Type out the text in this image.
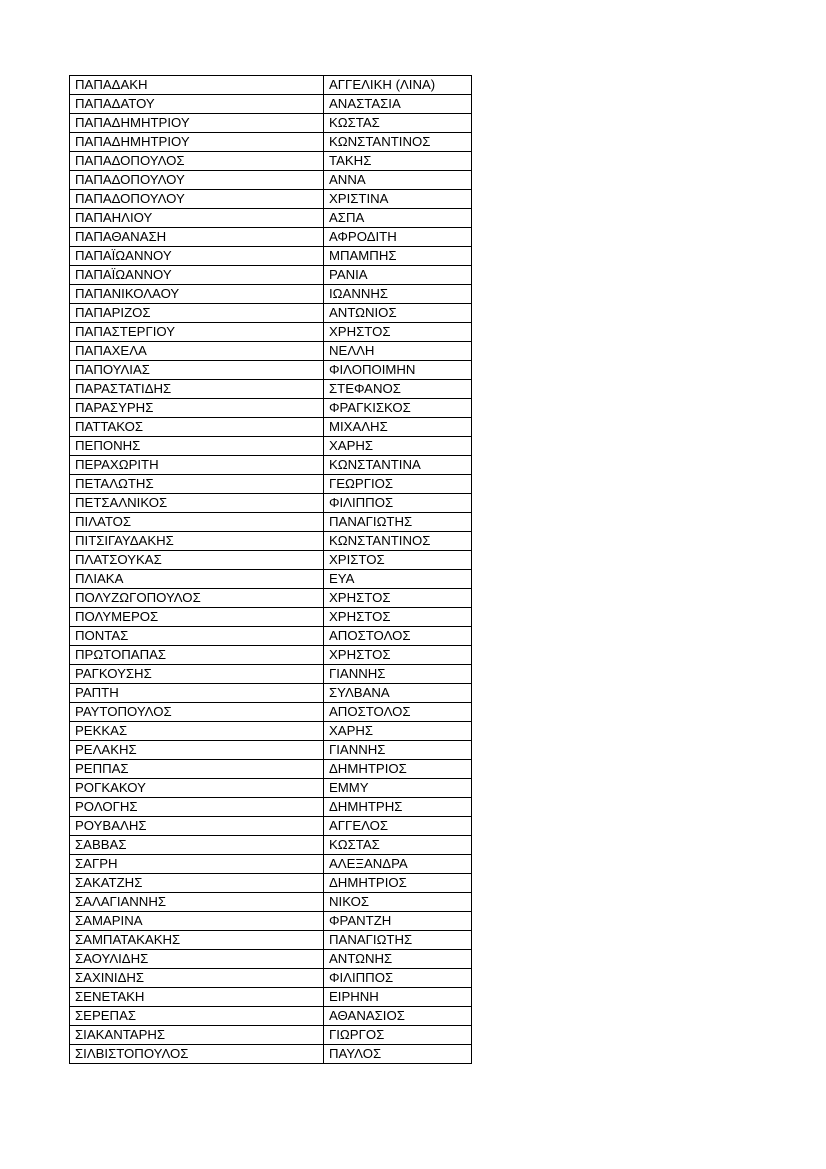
ΠΑΠΑΔΑΚΗ	ΑΓΓΕΛΙΚΗ (ΛΙΝΑ)
ΠΑΠΑΔΑΤΟΥ	ΑΝΑΣΤΑΣΙΑ
ΠΑΠΑΔΗΜΗΤΡΙΟΥ	ΚΩΣΤΑΣ
ΠΑΠΑΔΗΜΗΤΡΙΟΥ	ΚΩΝΣΤΑΝΤΙΝΟΣ
ΠΑΠΑΔΟΠΟΥΛΟΣ	ΤΑΚΗΣ
ΠΑΠΑΔΟΠΟΥΛΟΥ	ΑΝΝΑ
ΠΑΠΑΔΟΠΟΥΛΟΥ	ΧΡΙΣΤΙΝΑ
ΠΑΠΑΗΛΙΟΥ	ΑΣΠΑ
ΠΑΠΑΘΑΝΑΣΗ	ΑΦΡΟΔΙΤΗ
ΠΑΠΑΪΩΑΝΝΟΥ	ΜΠΑΜΠΗΣ
ΠΑΠΑΪΩΑΝΝΟΥ	ΡΑΝΙΑ
ΠΑΠΑΝΙΚΟΛΑΟΥ	ΙΩΑΝΝΗΣ
ΠΑΠΑΡΙΖΟΣ	ΑΝΤΩΝΙΟΣ
ΠΑΠΑΣΤΕΡΓΙΟΥ	ΧΡΗΣΤΟΣ
ΠΑΠΑΧΕΛΑ	ΝΕΛΛΗ
ΠΑΠΟΥΛΙΑΣ	ΦΙΛΟΠΟΙΜΗΝ
ΠΑΡΑΣΤΑΤΙΔΗΣ	ΣΤΕΦΑΝΟΣ
ΠΑΡΑΣΥΡΗΣ	ΦΡΑΓΚΙΣΚΟΣ
ΠΑΤΤΑΚΟΣ	ΜΙΧΑΛΗΣ
ΠΕΠΟΝΗΣ	ΧΑΡΗΣ
ΠΕΡΑΧΩΡΙΤΗ	ΚΩΝΣΤΑΝΤΙΝΑ
ΠΕΤΑΛΩΤΗΣ	ΓΕΩΡΓΙΟΣ
ΠΕΤΣΑΛΝΙΚΟΣ	ΦΙΛΙΠΠΟΣ
ΠΙΛΑΤΟΣ	ΠΑΝΑΓΙΩΤΗΣ
ΠΙΤΣΙΓΑΥΔΑΚΗΣ	ΚΩΝΣΤΑΝΤΙΝΟΣ
ΠΛΑΤΣΟΥΚΑΣ	ΧΡΙΣΤΟΣ
ΠΛΙΑΚΑ	ΕΥΑ
ΠΟΛΥΖΩΓΟΠΟΥΛΟΣ	ΧΡΗΣΤΟΣ
ΠΟΛΥΜΕΡΟΣ	ΧΡΗΣΤΟΣ
ΠΟΝΤΑΣ	ΑΠΟΣΤΟΛΟΣ
ΠΡΩΤΟΠΑΠΑΣ	ΧΡΗΣΤΟΣ
ΡΑΓΚΟΥΣΗΣ	ΓΙΑΝΝΗΣ
ΡΑΠΤΗ	ΣΥΛΒΑΝΑ
ΡΑΥΤΟΠΟΥΛΟΣ	ΑΠΟΣΤΟΛΟΣ
ΡΕΚΚΑΣ	ΧΑΡΗΣ
ΡΕΛΑΚΗΣ	ΓΙΑΝΝΗΣ
ΡΕΠΠΑΣ	ΔΗΜΗΤΡΙΟΣ
ΡΟΓΚΑΚΟΥ	ΕΜΜΥ
ΡΟΛΟΓΗΣ	ΔΗΜΗΤΡΗΣ
ΡΟΥΒΑΛΗΣ	ΑΓΓΕΛΟΣ
ΣΑΒΒΑΣ	ΚΩΣΤΑΣ
ΣΑΓΡΗ	ΑΛΕΞΑΝΔΡΑ
ΣΑΚΑΤΖΗΣ	ΔΗΜΗΤΡΙΟΣ
ΣΑΛΑΓΙΑΝΝΗΣ	ΝΙΚΟΣ
ΣΑΜΑΡΙΝΑ	ΦΡΑΝΤΖΗ
ΣΑΜΠΑΤΑΚΑΚΗΣ	ΠΑΝΑΓΙΩΤΗΣ
ΣΑΟΥΛΙΔΗΣ	ΑΝΤΩΝΗΣ
ΣΑΧΙΝΙΔΗΣ	ΦΙΛΙΠΠΟΣ
ΣΕΝΕΤΑΚΗ	ΕΙΡΗΝΗ
ΣΕΡΕΠΑΣ	ΑΘΑΝΑΣΙΟΣ
ΣΙΑΚΑΝΤΑΡΗΣ	ΓΙΩΡΓΟΣ
ΣΙΛΒΙΣΤΟΠΟΥΛΟΣ	ΠΑΥΛΟΣ
